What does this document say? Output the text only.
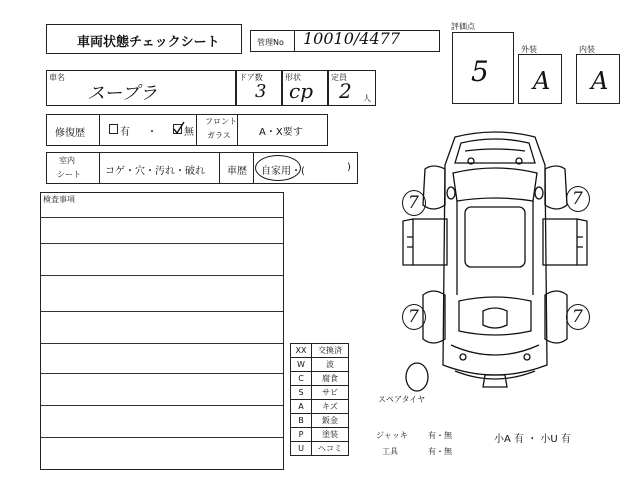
車両状態チェックシート	管理No 10010/4477
評価点
5
外装
A
内装
A
車名
スープラ
ドア数
3
形状
cp
定員
2 人
修復歴	有 ・	無
フロント
ガラス	A・X要す
室内
シート コゲ・穴・汚れ・破れ 車歴 自家用・(	)
検査事項
XX	交換済
W	波
C	腐食
S	サビ
A	キズ
B	鈑金
P	塗装
U	ヘコミ
7	7
7	7
スペアタイヤ
ジャッキ	有・無
工具	有・無
小A 有 ・ 小U 有
